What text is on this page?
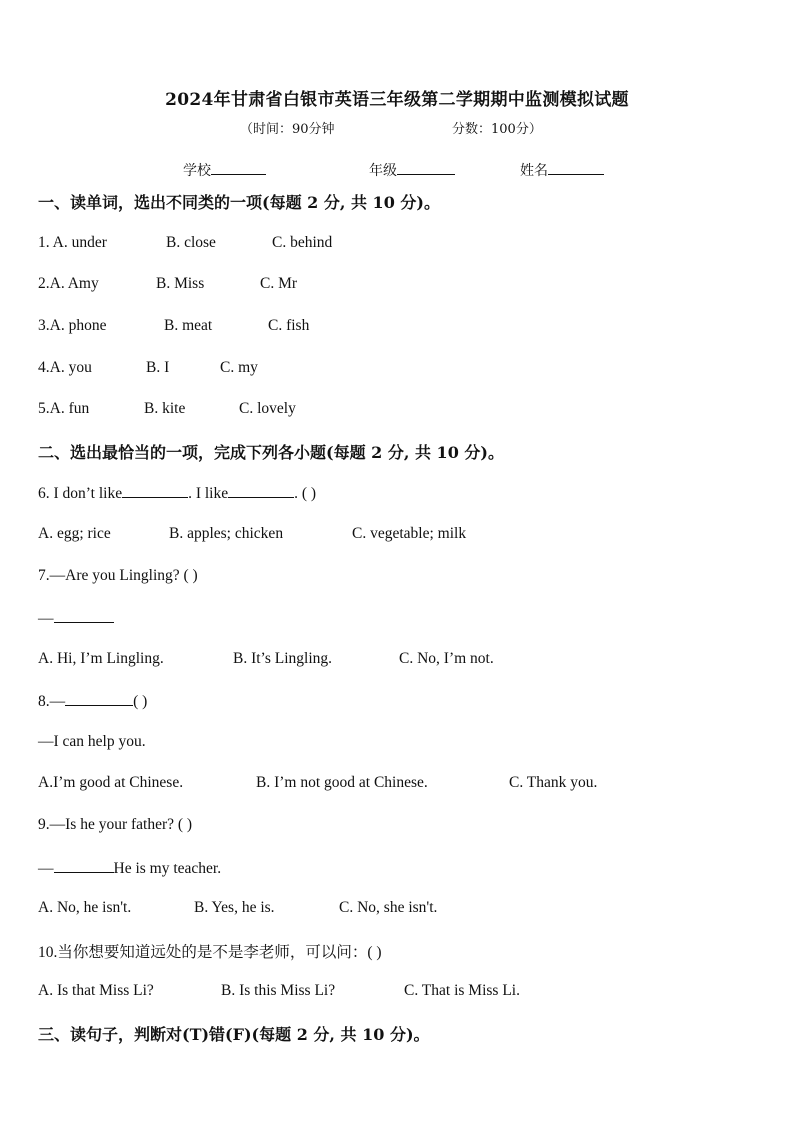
2024年甘肃省白银市英语三年级第二学期期中监测模拟试题
（时间：90分钟	分数：100分）
学校	年级	姓名
一、读单词，选出不同类的一项(每题 2 分, 共 10 分)。
1. A. under	B. close	C. behind
2.A. Amy	B. Miss	C. Mr
3.A. phone	B. meat	C. fish
4.A. you	B. I	C. my
5.A. fun	B. kite	C. lovely
二、选出最恰当的一项，完成下列各小题(每题 2 分, 共 10 分)。
6. I don’t like	. I like	. ( )
A. egg; rice	B. apples; chicken	C. vegetable; milk
7.—Are you Lingling? ( )
—
A. Hi, I’m Lingling.	B. It’s Lingling.	C. No, I’m not.
8.—	( )
—I can help you.
A.I’m good at Chinese.	B. I’m not good at Chinese.	C. Thank you.
9.—Is he your father? ( )
—	He is my teacher.
A. No, he isn't.	B. Yes, he is.	C. No, she isn't.
10.当你想要知道远处的是不是李老师，可以问：( )
A. Is that Miss Li?	B. Is this Miss Li?	C. That is Miss Li.
三、读句子，判断对(T)错(F)(每题 2 分, 共 10 分)。
